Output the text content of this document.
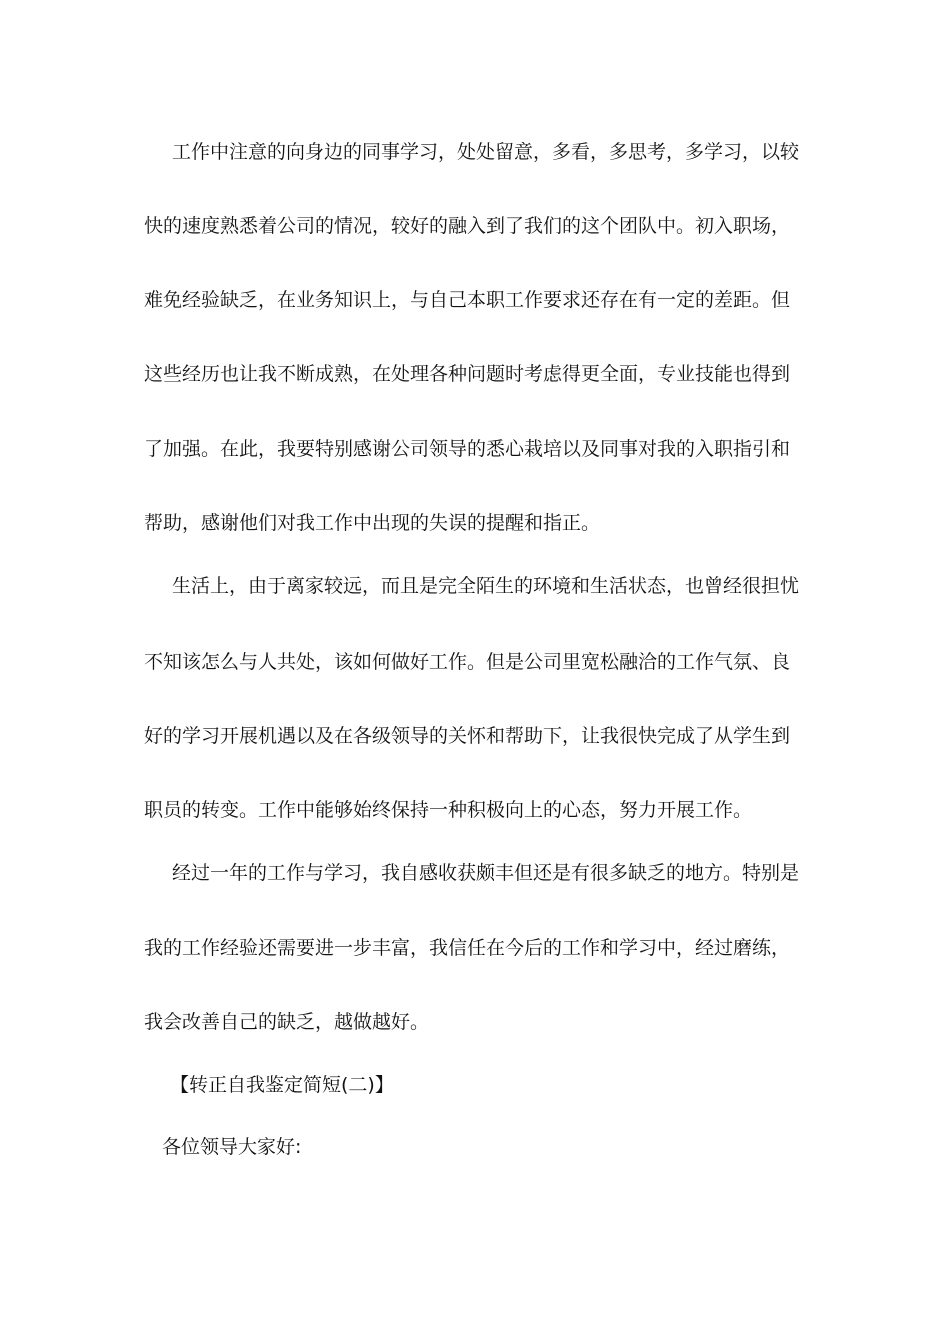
工作中注意的向身边的同事学习，处处留意，多看，多思考，多学习，以较

快的速度熟悉着公司的情况，较好的融入到了我们的这个团队中。初入职场，

难免经验缺乏，在业务知识上，与自己本职工作要求还存在有一定的差距。但

这些经历也让我不断成熟，在处理各种问题时考虑得更全面，专业技能也得到

了加强。在此，我要特别感谢公司领导的悉心栽培以及同事对我的入职指引和

帮助，感谢他们对我工作中出现的失误的提醒和指正。

生活上，由于离家较远，而且是完全陌生的环境和生活状态，也曾经很担忧

不知该怎么与人共处，该如何做好工作。但是公司里宽松融洽的工作气氛、良

好的学习开展机遇以及在各级领导的关怀和帮助下，让我很快完成了从学生到

职员的转变。工作中能够始终保持一种积极向上的心态，努力开展工作。

经过一年的工作与学习，我自感收获颇丰但还是有很多缺乏的地方。特别是

我的工作经验还需要进一步丰富，我信任在今后的工作和学习中，经过磨练，

我会改善自己的缺乏，越做越好。

【转正自我鉴定简短(二)】

各位领导大家好:
